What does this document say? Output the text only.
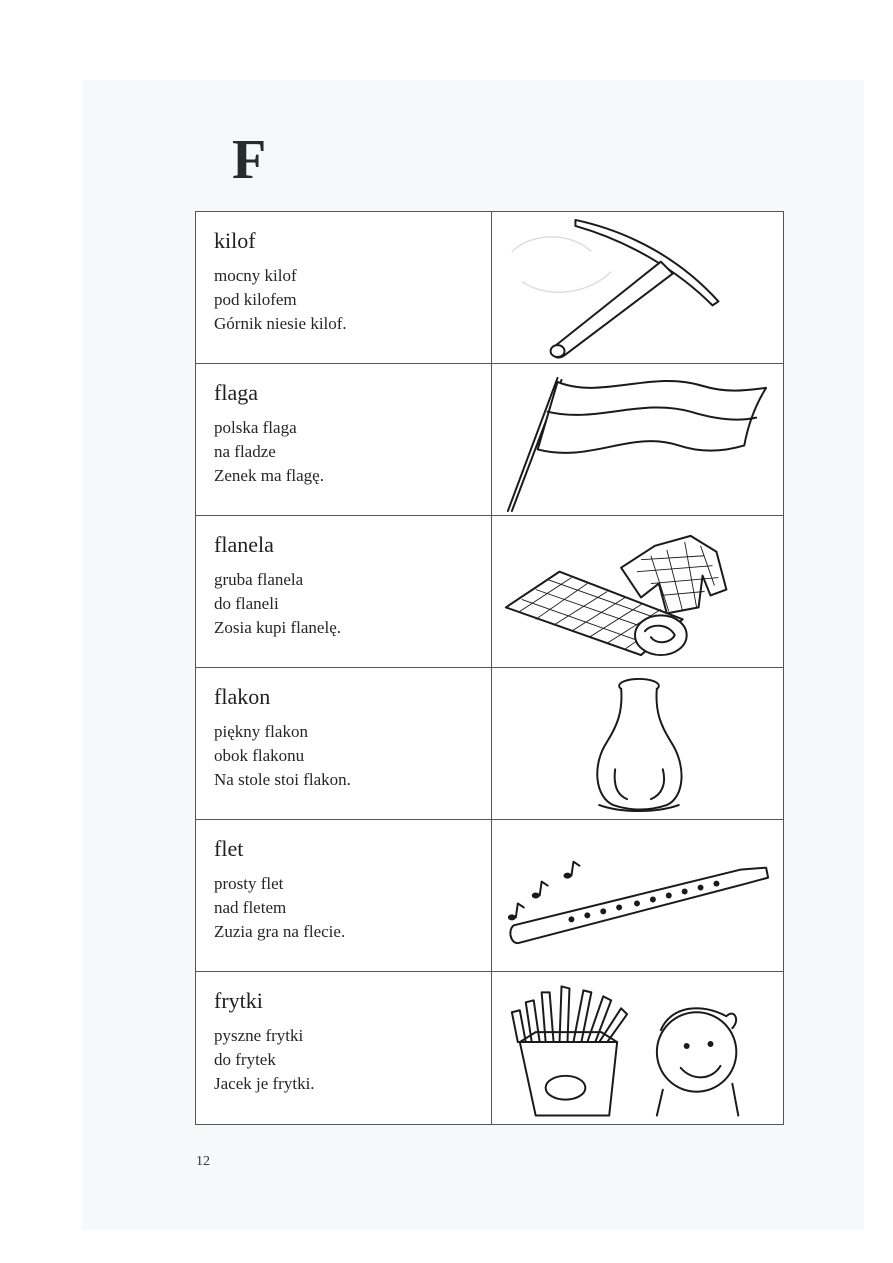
F

kilof

mocny kilof

pod kilofem

Górnik niesie kilof.

flaga

polska flaga

na fladze

Zenek ma flagę.

flanela

gruba flanela

do flaneli

Zosia kupi flanelę.

flakon

piękny flakon

obok flakonu

Na stole stoi flakon.

flet

prosty flet

nad fletem

Zuzia gra na flecie.

frytki

pyszne frytki

do frytek

Jacek je frytki.

12
